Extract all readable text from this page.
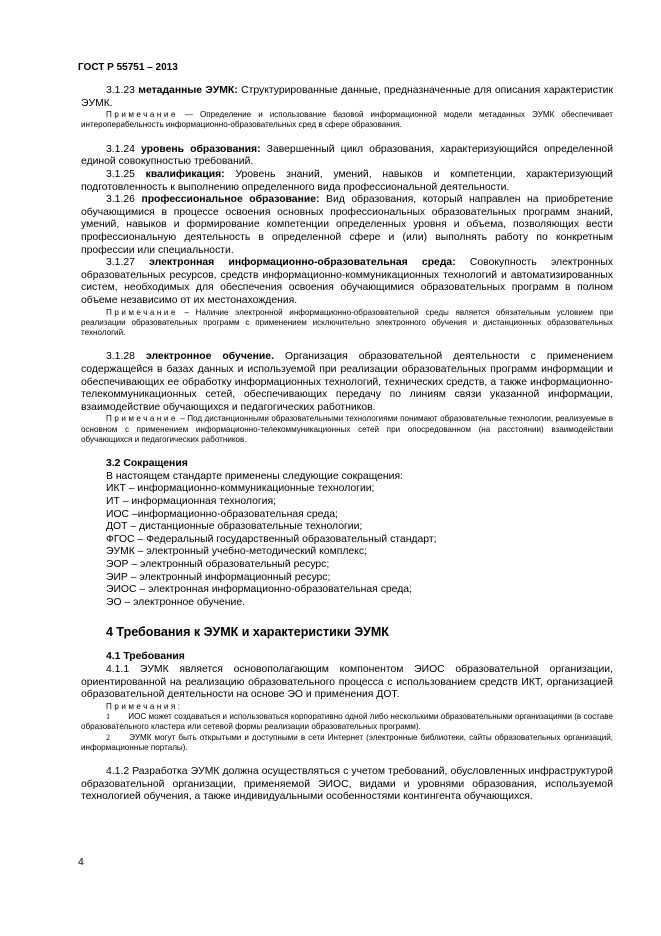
ГОСТ Р 55751 – 2013

3.1.23 метаданные ЭУМК: Структурированные данные, предназначенные для описания характеристик ЭУМК.

Примечание — Определение и использование базовой информационной модели метаданных ЭУМК обеспечивает интероперабельность информационно-образовательных сред в сфере образования.

3.1.24 уровень образования: Завершенный цикл образования, характеризующийся определенной единой совокупностью требований.

3.1.25 квалификация: Уровень знаний, умений, навыков и компетенции, характеризующий подготовленность к выполнению определенного вида профессиональной деятельности.

3.1.26 профессиональное образование: Вид образования, который направлен на приобретение обучающимися в процессе освоения основных профессиональных образовательных программ знаний, умений, навыков и формирование компетенции определенных уровня и объема, позволяющих вести профессиональную деятельность в определенной сфере и (или) выполнять работу по конкретным профессии или специальности.

3.1.27 электронная информационно-образовательная среда: Совокупность электронных образовательных ресурсов, средств информационно-коммуникационных технологий и автоматизированных систем, необходимых для обеспечения освоения обучающимися образовательных программ в полном объеме независимо от их местонахождения.

Примечание – Наличие электронной информационно-образовательной среды является обязательным условием при реализации образовательных программ с применением исключительно электронного обучения и дистанционных образовательных технологий.

3.1.28 электронное обучение. Организация образовательной деятельности с применением содержащейся в базах данных и используемой при реализации образовательных программ информации и обеспечивающих ее обработку информационных технологий, технических средств, а также информационно-телекоммуникационных сетей, обеспечивающих передачу по линиям связи указанной информации, взаимодействие обучающихся и педагогических работников.

Примечание – Под дистанционными образовательными технологиями понимают образовательные технологии, реализуемые в основном с применением информационно-телекоммуникационных сетей при опосредованном (на расстоянии) взаимодействии обучающихся и педагогических работников.

3.2 Сокращения
В настоящем стандарте применены следующие сокращения:
ИКТ – информационно-коммуникационные технологии;
ИТ – информационная технология;
ИОС –информационно-образовательная среда;
ДОТ – дистанционные образовательные технологии;
ФГОС – Федеральный государственный образовательный стандарт;
ЭУМК – электронный учебно-методический комплекс;
ЭОР – электронный образовательный ресурс;
ЭИР – электронный информационный ресурс;
ЭИОС – электронная информационно-образовательная среда;
ЭО – электронное обучение.
4 Требования к ЭУМК и характеристики ЭУМК
4.1 Требования

4.1.1 ЭУМК является основополагающим компонентом ЭИОС образовательной организации, ориентированной на реализацию образовательного процесса с использованием средств ИКТ, организацией образовательной деятельности на основе ЭО и применения ДОТ.

Примечания:

1 ИОС может создаваться и использоваться корпоративно одной либо несколькими образовательными организациями (в составе образовательного кластера или сетевой формы реализации образовательных программ).

2 ЭУМК могут быть открытыми и доступными в сети Интернет (электронные библиотеки, сайты образовательных организаций, информационные порталы).

4.1.2 Разработка ЭУМК должна осуществляться с учетом требований, обусловленных инфраструктурой образовательной организации, применяемой ЭИОС, видами и уровнями образования, используемой технологией обучения, а также индивидуальными особенностями контингента обучающихся.

4
